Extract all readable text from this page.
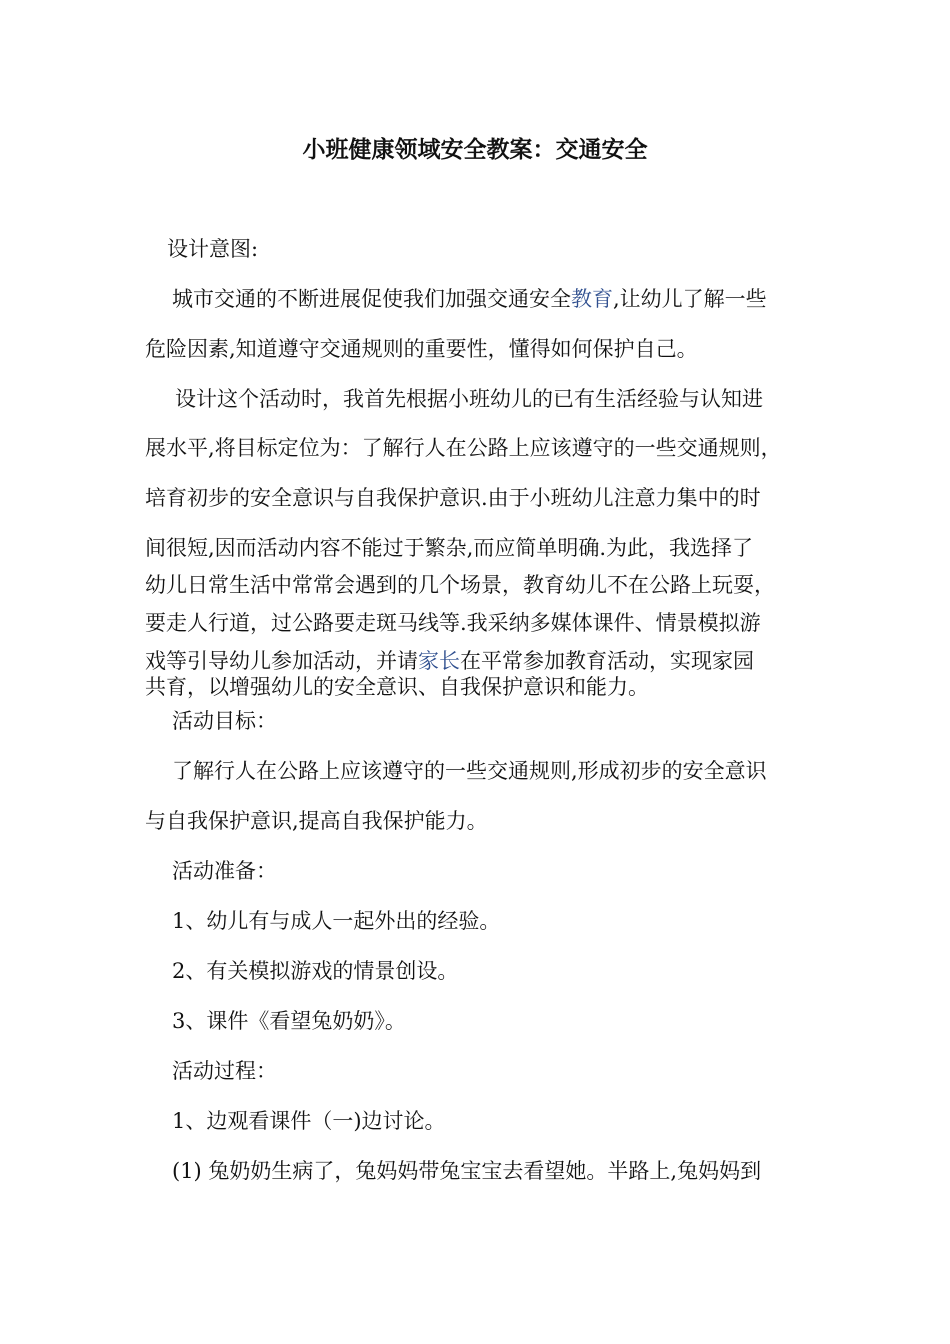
小班健康领域安全教案：交通安全

设计意图:

城市交通的不断进展促使我们加强交通安全教育,让幼儿了解一些

危险因素,知道遵守交通规则的重要性，懂得如何保护自己。

设计这个活动时，我首先根据小班幼儿的已有生活经验与认知进

展水平,将目标定位为：了解行人在公路上应该遵守的一些交通规则，

培育初步的安全意识与自我保护意识.由于小班幼儿注意力集中的时

间很短,因而活动内容不能过于繁杂,而应简单明确.为此，我选择了

幼儿日常生活中常常会遇到的几个场景，教育幼儿不在公路上玩耍，

要走人行道，过公路要走斑马线等.我采纳多媒体课件、情景模拟游

戏等引导幼儿参加活动，并请家长在平常参加教育活动，实现家园

共育，以增强幼儿的安全意识、自我保护意识和能力。

活动目标：

了解行人在公路上应该遵守的一些交通规则,形成初步的安全意识

与自我保护意识,提高自我保护能力。

活动准备：

1、幼儿有与成人一起外出的经验。

2、有关模拟游戏的情景创设。

3、课件《看望兔奶奶》。

活动过程：

1、边观看课件（一)边讨论。

(1) 兔奶奶生病了，兔妈妈带兔宝宝去看望她。半路上,兔妈妈到
